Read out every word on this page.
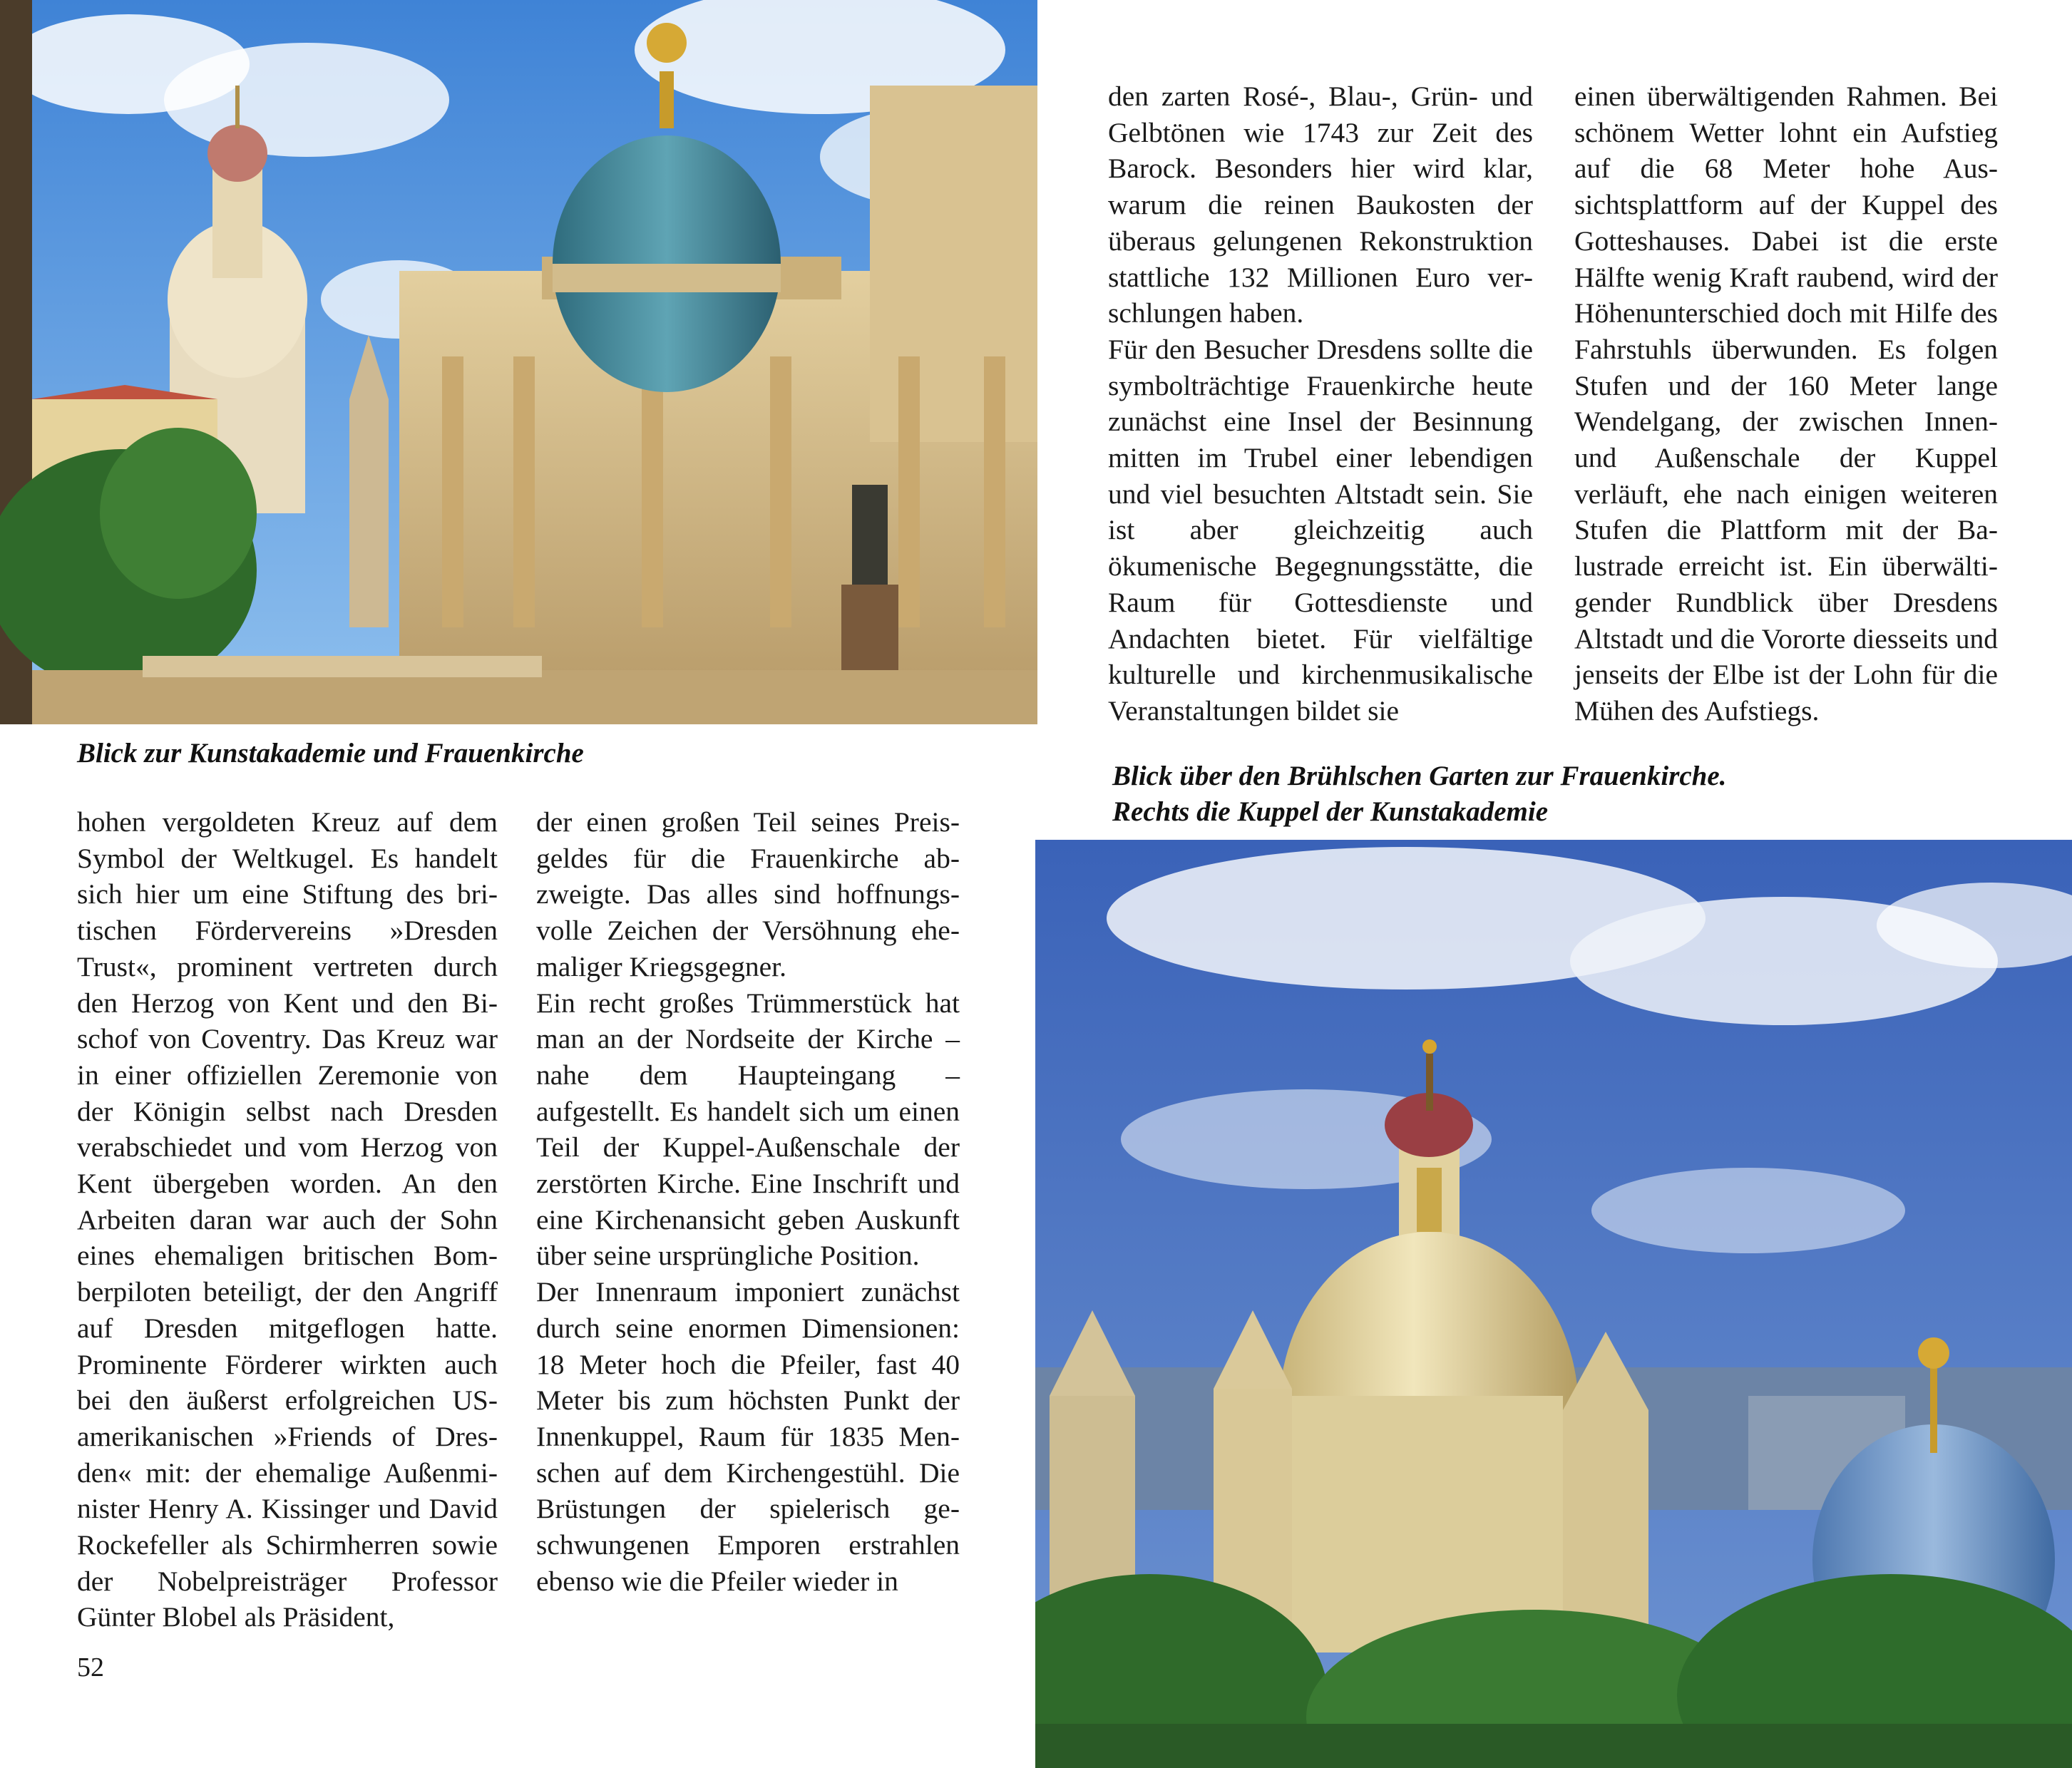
Blick zur Kunstakademie und Frauenkirche

Blick über den Brühlschen Garten zur Frauenkirche.
Rechts die Kuppel der Kunstakademie

hohen vergoldeten Kreuz auf dem Symbol der Weltkugel. Es handelt sich hier um eine Stiftung des britischen Fördervereins »Dresden Trust«, prominent vertreten durch den Herzog von Kent und den Bischof von Coventry. Das Kreuz war in einer offiziellen Zeremonie von der Königin selbst nach Dresden verabschiedet und vom Herzog von Kent übergeben worden. An den Arbeiten daran war auch der Sohn eines ehemaligen britischen Bomberpiloten beteiligt, der den Angriff auf Dresden mitgeflogen hatte. Prominente Förderer wirkten auch bei den äußerst erfolgreichen US-amerikanischen »Friends of Dresden« mit: der ehemalige Außenminister Henry A. Kissinger und David Rockefeller als Schirmherren sowie der Nobelpreisträger Professor Günter Blobel als Präsident,

der einen großen Teil seines Preisgeldes für die Frauenkirche abzweigte. Das alles sind hoffnungsvolle Zeichen der Versöhnung ehemaliger Kriegsgegner.

Ein recht großes Trümmerstück hat man an der Nordseite der Kirche – nahe dem Haupteingang – aufgestellt. Es handelt sich um einen Teil der Kuppel-Außenschale der zerstörten Kirche. Eine Inschrift und eine Kirchenansicht geben Auskunft über seine ursprüngliche Position.

Der Innenraum imponiert zunächst durch seine enormen Dimensionen: 18 Meter hoch die Pfeiler, fast 40 Meter bis zum höchsten Punkt der Innenkuppel, Raum für 1835 Menschen auf dem Kirchengestühl. Die Brüstungen der spielerisch geschwungenen Emporen erstrahlen ebenso wie die Pfeiler wieder in

den zarten Rosé-, Blau-, Grün- und Gelbtönen wie 1743 zur Zeit des Barock. Besonders hier wird klar, warum die reinen Baukosten der überaus gelungenen Rekonstruktion stattliche 132 Millionen Euro verschlungen haben.

Für den Besucher Dresdens sollte die symbolträchtige Frauenkirche heute zunächst eine Insel der Besinnung mitten im Trubel einer lebendigen und viel besuchten Altstadt sein. Sie ist aber gleichzeitig auch ökumenische Begegnungsstätte, die Raum für Gottesdienste und Andachten bietet. Für vielfältige kulturelle und kirchenmusikalische Veranstaltungen bildet sie

einen überwältigenden Rahmen. Bei schönem Wetter lohnt ein Aufstieg auf die 68 Meter hohe Aussichtsplattform auf der Kuppel des Gotteshauses. Dabei ist die erste Hälfte wenig Kraft raubend, wird der Höhenunterschied doch mit Hilfe des Fahrstuhls überwunden. Es folgen Stufen und der 160 Meter lange Wendelgang, der zwischen Innen- und Außenschale der Kuppel verläuft, ehe nach einigen weiteren Stufen die Plattform mit der Balustrade erreicht ist. Ein überwältigender Rundblick über Dresdens Altstadt und die Vororte diesseits und jenseits der Elbe ist der Lohn für die Mühen des Aufstiegs.

52
